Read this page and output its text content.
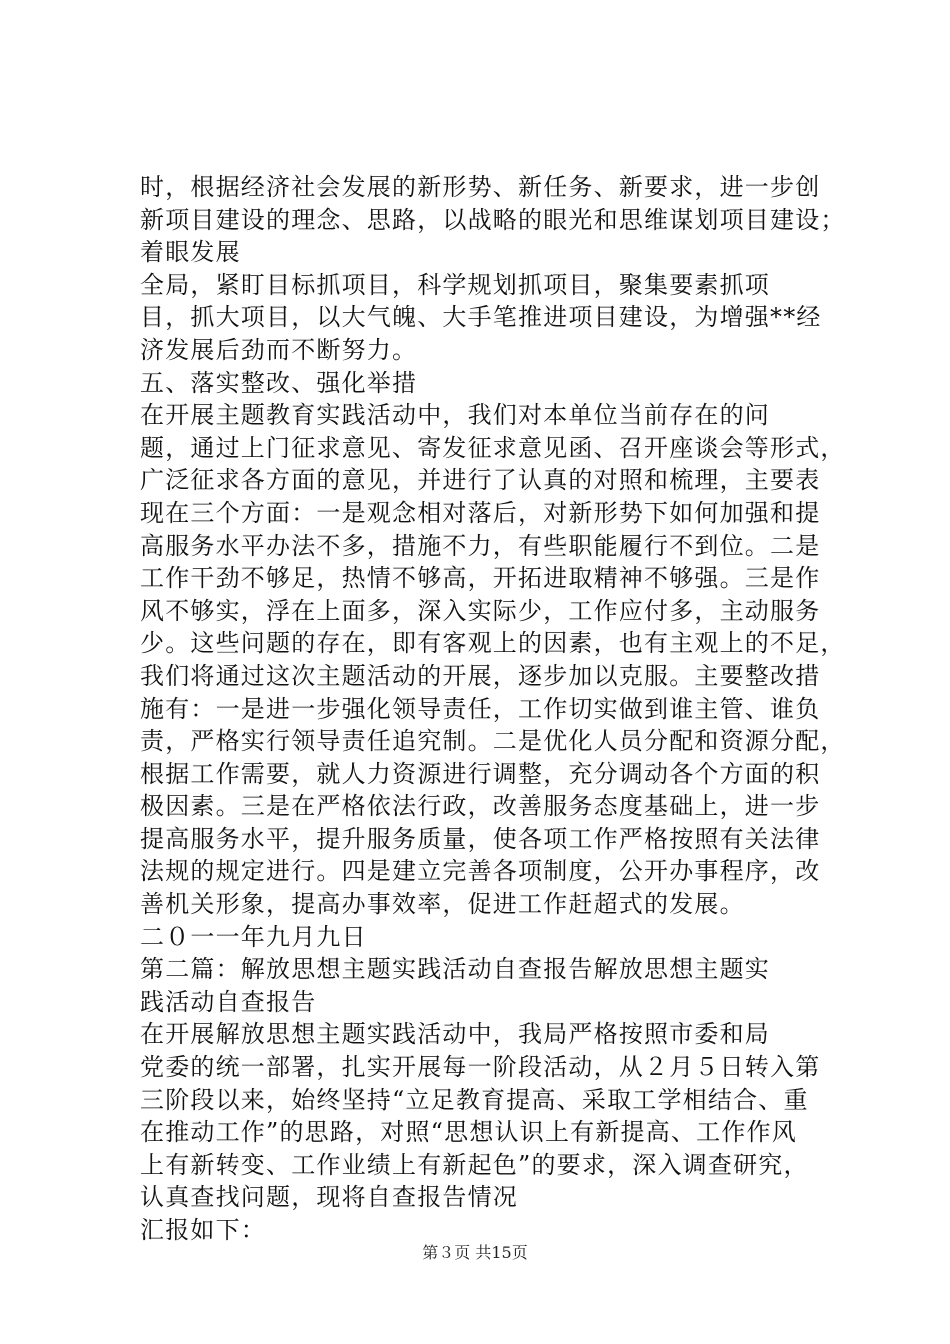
时，根据经济社会发展的新形势、新任务、新要求，进一步创
新项目建设的理念、思路，以战略的眼光和思维谋划项目建设；
着眼发展
全局，紧盯目标抓项目，科学规划抓项目，聚集要素抓项
目，抓大项目，以大气魄、大手笔推进项目建设，为增强**经
济发展后劲而不断努力。
五、落实整改、强化举措
在开展主题教育实践活动中，我们对本单位当前存在的问
题，通过上门征求意见、寄发征求意见函、召开座谈会等形式，
广泛征求各方面的意见，并进行了认真的对照和梳理，主要表
现在三个方面：一是观念相对落后，对新形势下如何加强和提
高服务水平办法不多，措施不力，有些职能履行不到位。二是
工作干劲不够足，热情不够高，开拓进取精神不够强。三是作
风不够实，浮在上面多，深入实际少，工作应付多，主动服务
少。这些问题的存在，即有客观上的因素，也有主观上的不足，
我们将通过这次主题活动的开展，逐步加以克服。主要整改措
施有：一是进一步强化领导责任，工作切实做到谁主管、谁负
责，严格实行领导责任追究制。二是优化人员分配和资源分配，
根据工作需要，就人力资源进行调整，充分调动各个方面的积
极因素。三是在严格依法行政，改善服务态度基础上，进一步
提高服务水平，提升服务质量，使各项工作严格按照有关法律
法规的规定进行。四是建立完善各项制度，公开办事程序，改
善机关形象，提高办事效率，促进工作赶超式的发展。
二０一一年九月九日
第二篇：解放思想主题实践活动自查报告解放思想主题实
践活动自查报告
在开展解放思想主题实践活动中，我局严格按照市委和局
党委的统一部署，扎实开展每一阶段活动，从２月５日转入第
三阶段以来，始终坚持“立足教育提高、采取工学相结合、重
在推动工作”的思路，对照“思想认识上有新提高、工作作风
上有新转变、工作业绩上有新起色”的要求，深入调查研究，
认真查找问题，现将自查报告情况
汇报如下：
第３页 共15页
